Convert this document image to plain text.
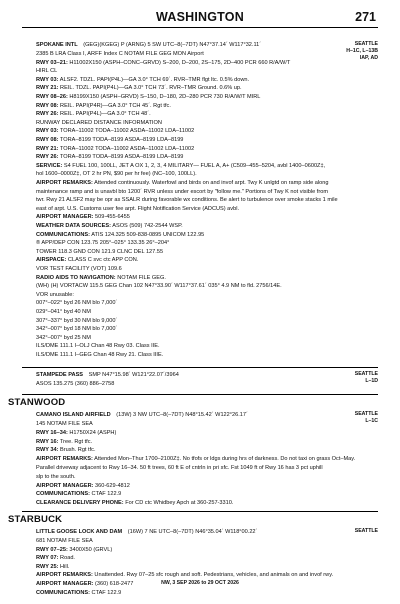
WASHINGTON	271
SPOKANE INTL (GEG)(KGEG) P (ARNG) 5 SW UTC–8(–7DT) N47°37.14´ W117°32.11´	SEATTLE
H–1C, L–13B
IAP, AD
2385 B LRA Class I, ARFF Index C NOTAM FILE GEG MON Airport
RWY 03–21: H11002X150 (ASPH–CONC–GRVD) S–200, D–200, 2S–175, 2D–400 PCR 660 R/A/W/T
HIRL CL
RWY 03: ALSF2. TDZL. PAPI(P4L)—GA 3.0° TCH 69´. RVR–TMR flgt ltc. 0.5% down.
RWY 21: REIL. TDZL. PAPI(P4L)—GA 3.0° TCH 73´. RVR–TMR Ground. 0.6% up.
RWY 08–26: H8199X150 (ASPH–GRVD) S–150, D–180, 2D–280 PCR 730 R/A/W/T MIRL
RWY 08: REIL. PAPI(P4R)—GA 3.0° TCH 45´. Rgt tfc.
RWY 26: REIL. PAPI(P4L)—GA 3.0° TCH 48´.
RUNWAY DECLARED DISTANCE INFORMATION
RWY 03: TORA–11002 TODA–11002 ASDA–11002 LDA–11002
RWY 08: TORA–8199 TODA–8199 ASDA–8199 LDA–8199
RWY 21: TORA–11002 TODA–11002 ASDA–11002 LDA–11002
RWY 26: TORA–8199 TODA–8199 ASDA–8199 LDA–8199
SERVICE: S4 FUEL 100, 100LL, JET A OX 1, 2, 3, 4 MILITARY— FUEL A, A+ (C509–455–5204, avbl 1400–0600Z‡,
hol 1600–0000Z‡, OT 2 hr PN, $90 per hr fee) (NC–100, 100LL).
AIRPORT REMARKS: Attended continuously. Waterfowl and birds on and invof arpt. Twy K unlgtd on ramp side along
maintenance ramp and is unavbl bto 1200´ RVR unless under escort by "follow me." Portions of Twy K not visible from
twr. Rwy 21 ALSF2 may be opr as SSALR during favorable wx conditions. Be alert to turbulence over smoke stacks 1 mile
east of arpt. U.S. Customs user fee arpt. Flight Notification Service (ADCUS) avbl.
AIRPORT MANAGER: 509-455-6455
WEATHER DATA SOURCES: ASOS (509) 742-2544 WSP.
COMMUNICATIONS: ATIS 124.325 509-838-0895 UNICOM 122.95
® APP/DEP CON 123.75 205°–025° 133.35 26°–204°
TOWER 118.3 GND CON 121.9 CLNC DEL 127.55
AIRSPACE: CLASS C svc ctc APP CON.
VOR TEST FACILITY (VOT) 109.6
RADIO AIDS TO NAVIGATION: NOTAM FILE GEG.
(WH) (H) VORTACW 115.5 GEG Chan 102 N47°33.90´ W117°37.61´ 035° 4.9 NM to fld. 2756/14E.
VOR unusable:
007°–022° byd 26 NM blo 7,000´
029°–041° byd 40 NM
307°–337° byd 30 NM blo 9,000´
342°–007° byd 18 NM blo 7,000´
342°–007° byd 25 NM
ILS/DME 111.1 I–OLJ Chan 48 Rwy 03. Class IIE.
ILS/DME 111.1 I–GEG Chan 48 Rwy 21. Class IIIE.
STAMPEDE PASS SMP N47°15.98´ W121°22.07´/3964
ASOS 135.275 (360) 886–2758
SEATTLE
L–1D
STANWOOD
CAMANO ISLAND AIRFIELD (13W) 3 NW UTC–8(–7DT) N48°15.42´ W122°26.17´	SEATTLE
L–1C
145 NOTAM FILE SEA
RWY 16–34: H1750X24 (ASPH)
RWY 16: Tree. Rgt tfc.
RWY 34: Brush. Rgt tfc.
AIRPORT REMARKS: Attended Mon–Thur 1700–2100Z‡. No tfofs or ldgs during hrs of darkness. Do not taxi on grass Oct–May.
Parallel driveway adjacent to Rwy 16–34. 50 ft trees, 60 ft E of cntrln in pri sfc. Fst 1049 ft of Rwy 16 has 3 pct uphill
slp to the south.
AIRPORT MANAGER: 360-629-4812
COMMUNICATIONS: CTAF 122.9
CLEARANCE DELIVERY PHONE: For CD ctc Whidbey Apch at 360-257-3310.
STARBUCK
LITTLE GOOSE LOCK AND DAM (16W) 7 NE UTC–8(–7DT) N46°35.04´ W118°00.22´	SEATTLE
681 NOTAM FILE SEA
RWY 07–25: 3400X50 (GRVL)
RWY 07: Road.
RWY 25: Hill.
AIRPORT REMARKS: Unattended. Rwy 07–25 sfc rough and soft. Pedestrians, vehicles, and animals on and invof rwy.
AIRPORT MANAGER: (360) 618-2477
COMMUNICATIONS: CTAF 122.9
NW, 3 SEP 2026 to 29 OCT 2026
